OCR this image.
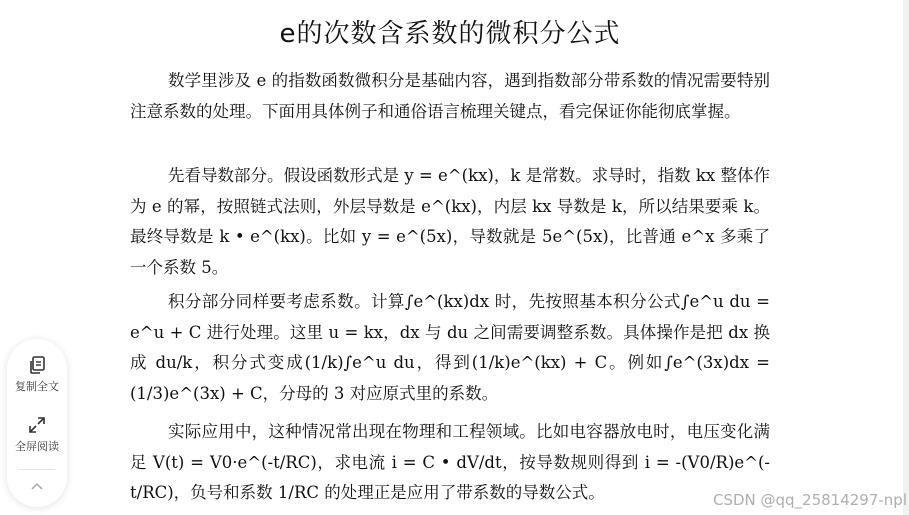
e的次数含系数的微积分公式

数学里涉及 e 的指数函数微积分是基础内容，遇到指数部分带系数的情况需要特别注意系数的处理。下面用具体例子和通俗语言梳理关键点，看完保证你能彻底掌握。

先看导数部分。假设函数形式是 y = e^(kx)，k 是常数。求导时，指数 kx 整体作为 e 的幂，按照链式法则，外层导数是 e^(kx)，内层 kx 导数是 k，所以结果要乘 k。最终导数是 k • e^(kx)。比如 y = e^(5x)，导数就是 5e^(5x)，比普通 e^x 多乘了一个系数 5。

积分部分同样要考虑系数。计算∫e^(kx)dx 时，先按照基本积分公式∫e^u du = e^u + C 进行处理。这里 u = kx，dx 与 du 之间需要调整系数。具体操作是把 dx 换成 du/k，积分式变成(1/k)∫e^u du，得到(1/k)e^(kx) + C。例如∫e^(3x)dx = (1/3)e^(3x) + C，分母的 3 对应原式里的系数。

实际应用中，这种情况常出现在物理和工程领域。比如电容器放电时，电压变化满足 V(t) = V0·e^(-t/RC)，求电流 i = C • dV/dt，按导数规则得到 i = -(V0/R)e^(-t/RC)，负号和系数 1/RC 的处理正是应用了带系数的导数公式。

复制全文
全屏阅读
CSDN @qq_25814297-npl
